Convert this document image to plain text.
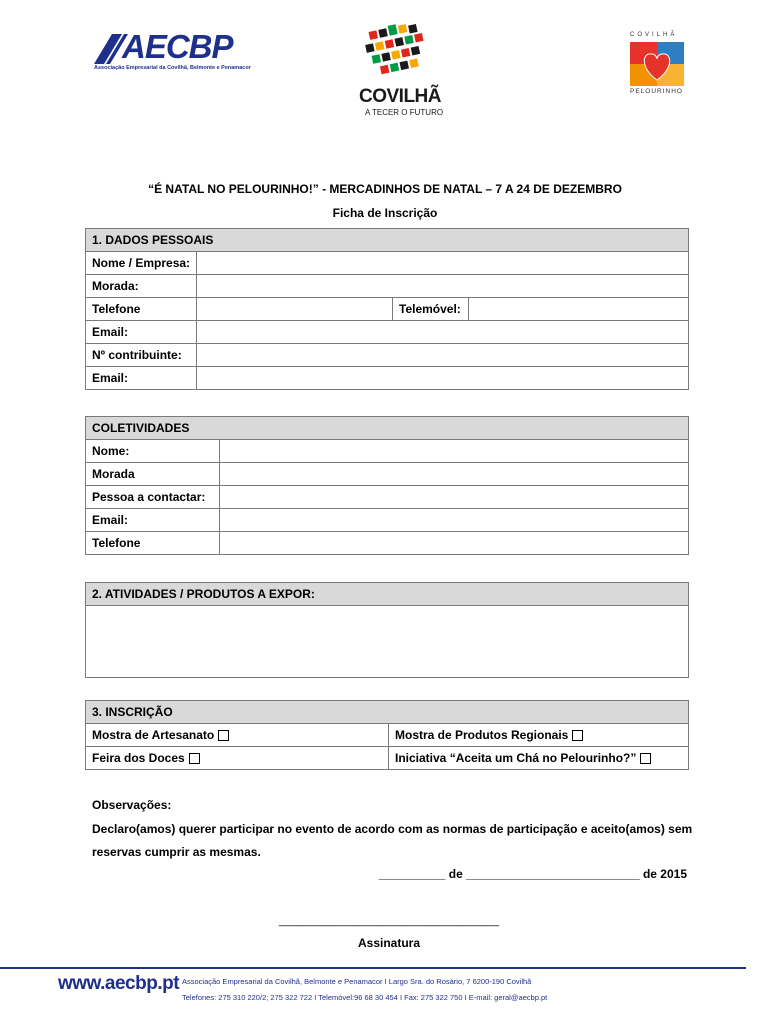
AECBP
Associação Empresarial da Covilhã, Belmonte e Penamacor
COVILHÃ
A TECER O FUTURO
COVILHÃ
PELOURINHO
“É NATAL NO PELOURINHO!” - MERCADINHOS DE NATAL – 7 A 24 DE DEZEMBRO
Ficha de Inscrição
1. DADOS PESSOAIS			
Nome / Empresa:			
Morada:			
Telefone		Telemóvel:	
Email:			
Nº contribuinte:			
Email:			
COLETIVIDADES	
Nome:	
Morada	
Pessoa a contactar:	
Email:	
Telefone	
2. ATIVIDADES / PRODUTOS A EXPOR:

3. INSCRIÇÃO	
Mostra de Artesanato	Mostra de Produtos Regionais
Feira dos Doces	Iniciativa “Aceita um Chá no Pelourinho?”
Observações:
Declaro(amos) querer participar no evento de acordo com as normas de participação e aceito(amos) sem
reservas cumprir as mesmas.
__________ de __________________________ de 2015
____________________________________
Assinatura
www.aecbp.pt Associação Empresarial da Covilhã, Belmonte e Penamacor I Largo Sra. do Rosário, 7 6200-190 Covilhã
Telefones: 275 310 220/2; 275 322 722 I Telemóvel:96 68 30 454 I Fax: 275 322 750 I E-mail: geral@aecbp.pt
